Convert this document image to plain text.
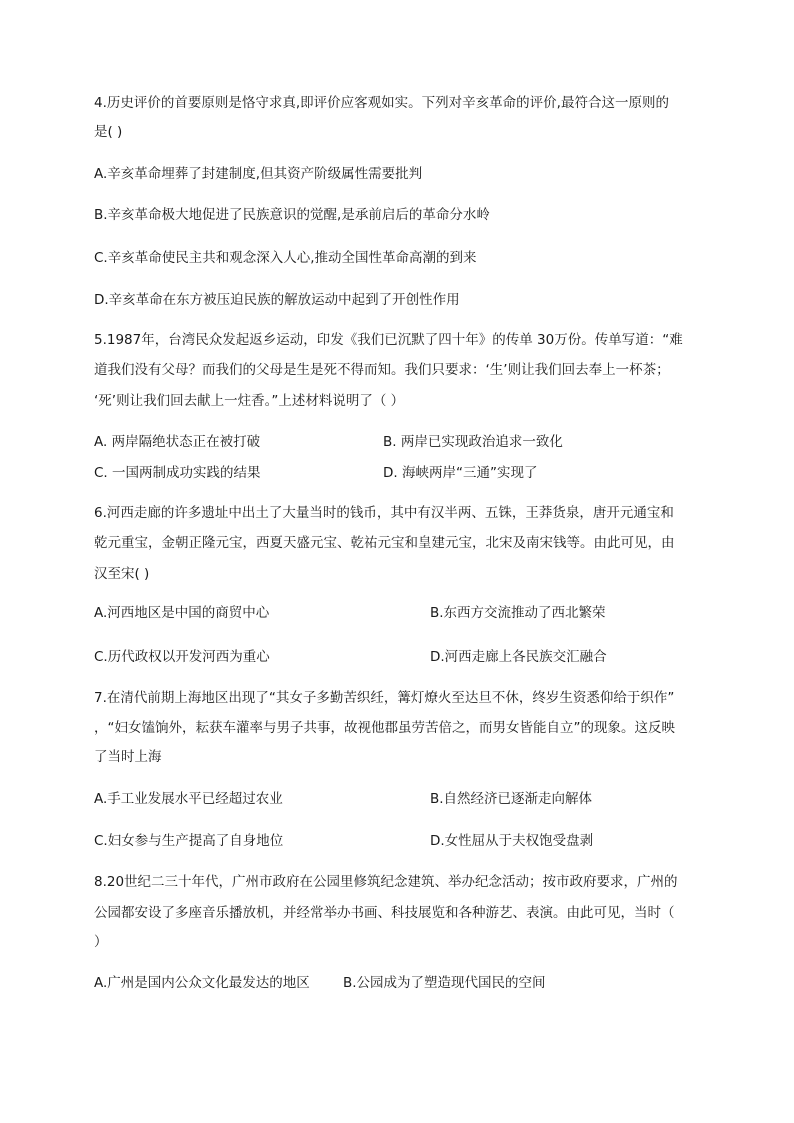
4.历史评价的首要原则是恪守求真,即评价应客观如实。下列对辛亥革命的评价,最符合这一原则的
是( )
A.辛亥革命埋葬了封建制度,但其资产阶级属性需要批判
B.辛亥革命极大地促进了民族意识的觉醒,是承前启后的革命分水岭
C.辛亥革命使民主共和观念深入人心,推动全国性革命高潮的到来
D.辛亥革命在东方被压迫民族的解放运动中起到了开创性作用
5.1987年，台湾民众发起返乡运动，印发《我们已沉默了四十年》的传单 30万份。传单写道：“难
道我们没有父母？而我们的父母是生是死不得而知。我们只要求：‘生’则让我们回去奉上一杯茶；
‘死’则让我们回去献上一炷香。”上述材料说明了（ ）
A. 两岸隔绝状态正在被打破	B. 两岸已实现政治追求一致化
C. 一国两制成功实践的结果	D. 海峡两岸“三通”实现了
6.河西走廊的许多遗址中出土了大量当时的钱币，其中有汉半两、五铢，王莽货泉，唐开元通宝和
乾元重宝，金朝正隆元宝，西夏天盛元宝、乾祐元宝和皇建元宝，北宋及南宋钱等。由此可见，由
汉至宋( )
A.河西地区是中国的商贸中心	B.东西方交流推动了西北繁荣
C.历代政权以开发河西为重心	D.河西走廊上各民族交汇融合
7.在清代前期上海地区出现了“其女子多勤苦织纴，篝灯燎火至达旦不休，终岁生资悉仰给于织作”
，“妇女馌饷外，耘获车灌率与男子共事，故视他郡虽劳苦倍之，而男女皆能自立”的现象。这反映
了当时上海
A.手工业发展水平已经超过农业	B.自然经济已逐渐走向解体
C.妇女参与生产提高了自身地位	D.女性屈从于夫权饱受盘剥
8.20世纪二三十年代，广州市政府在公园里修筑纪念建筑、举办纪念活动；按市政府要求，广州的
公园都安设了多座音乐播放机，并经常举办书画、科技展览和各种游艺、表演。由此可见，当时（
）
A.广州是国内公众文化最发达的地区 B.公园成为了塑造现代国民的空间
